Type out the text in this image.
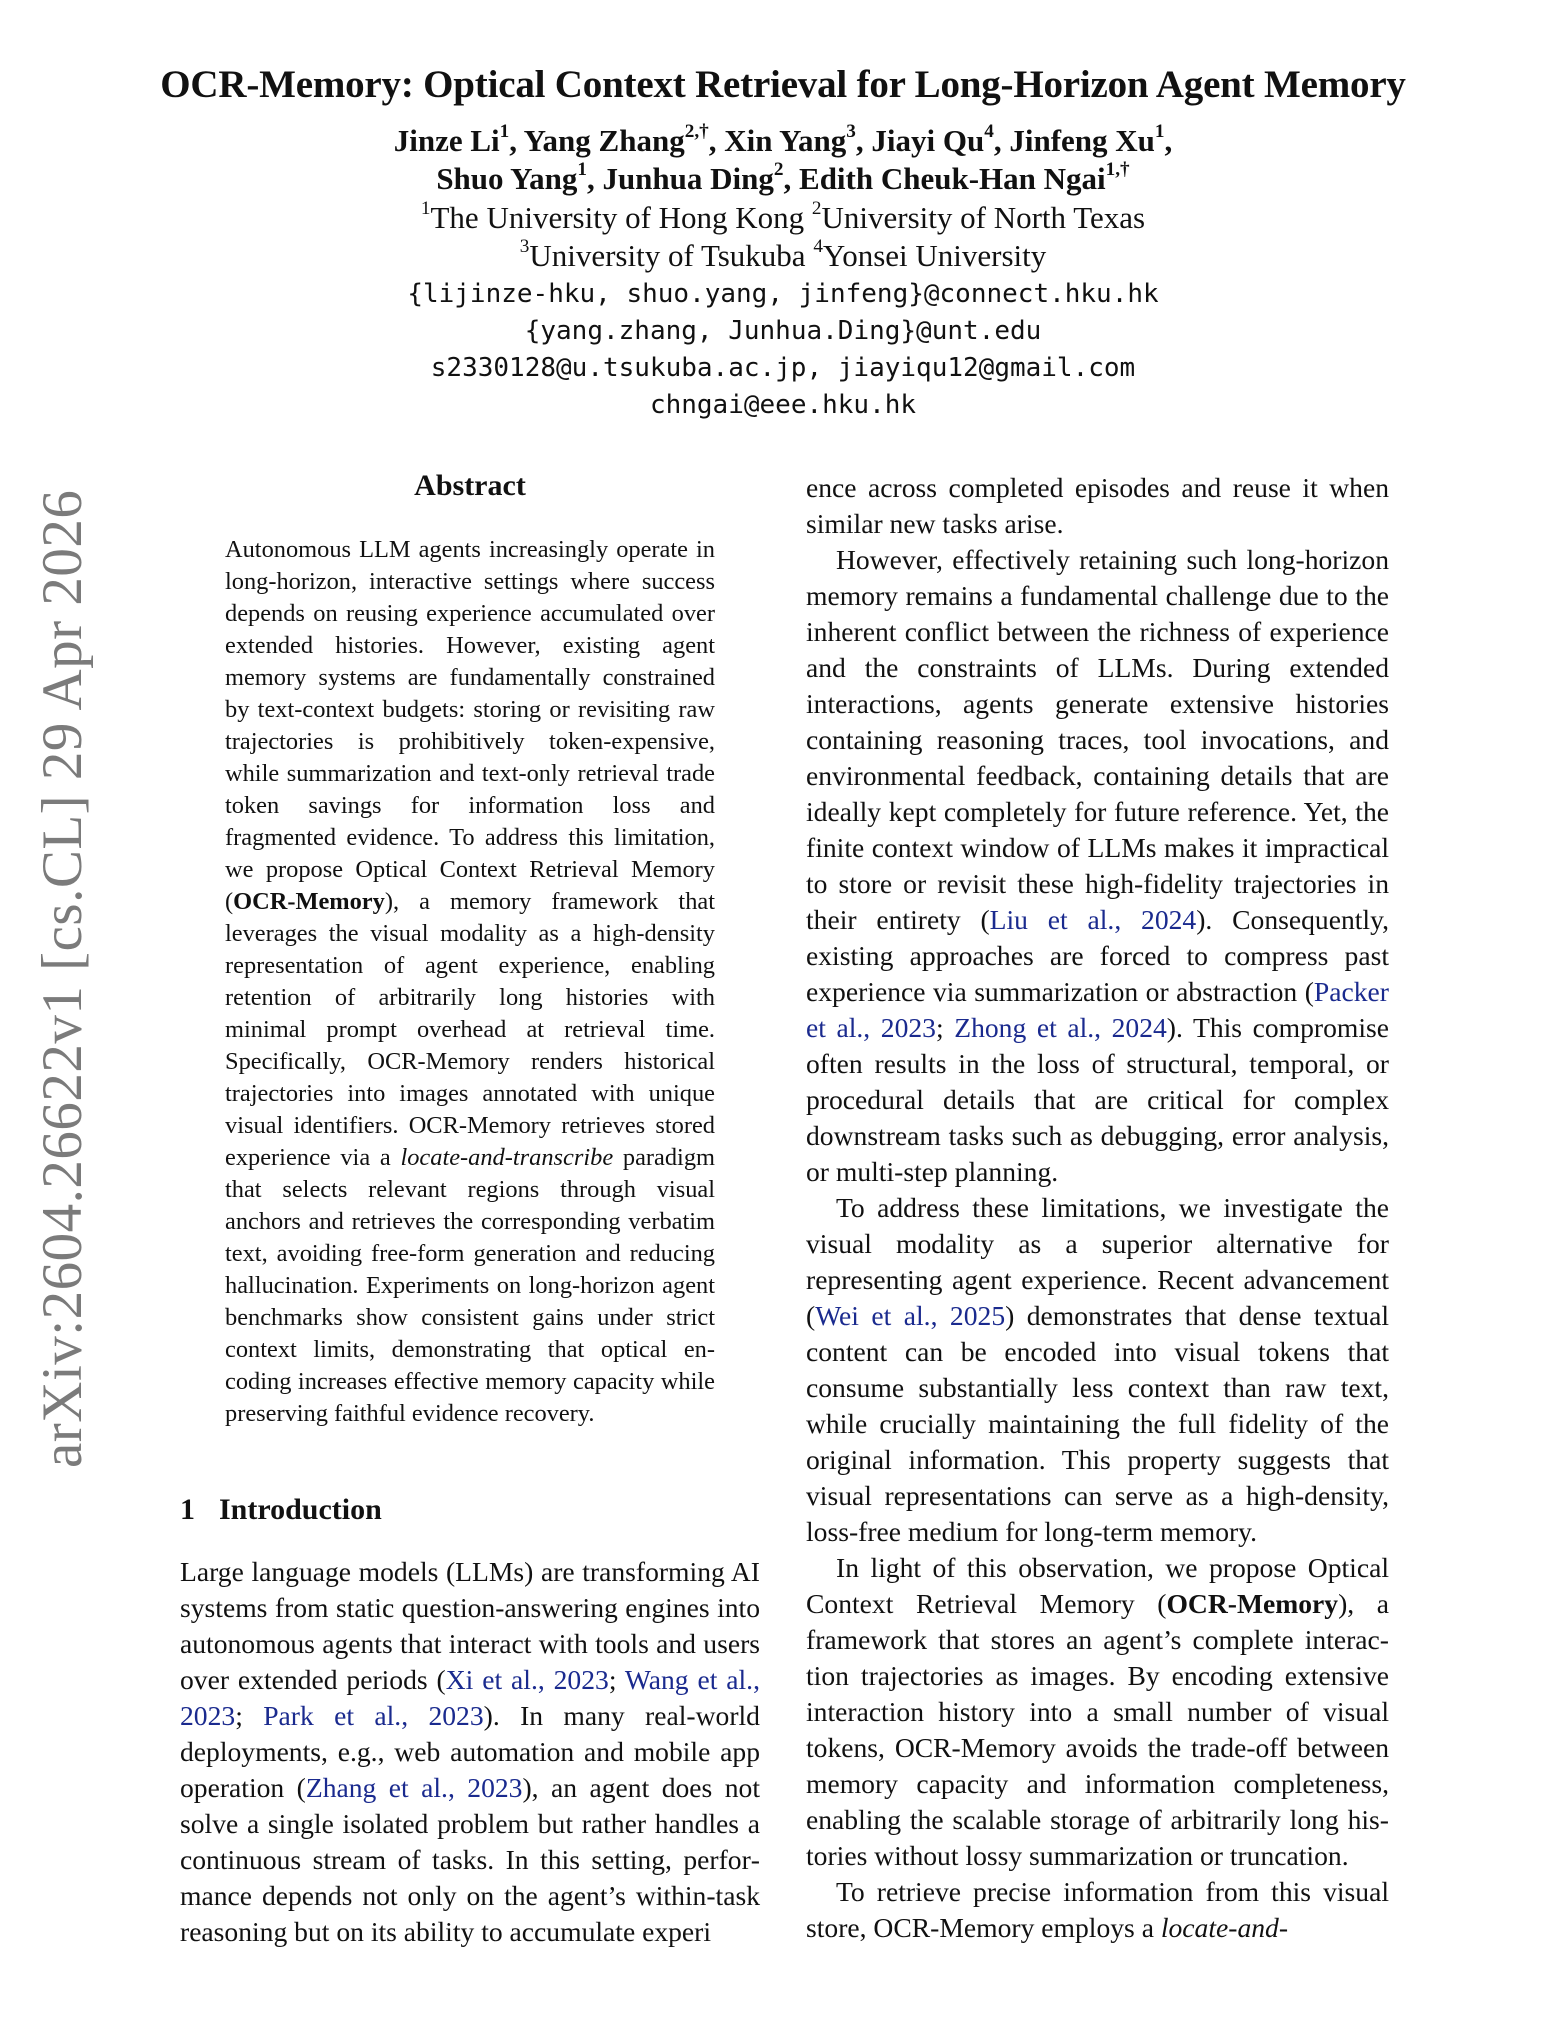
arXiv:2604.26622v1 [cs.CL] 29 Apr 2026
OCR-Memory: Optical Context Retrieval for Long-Horizon Agent Memory
Jinze Li$^1$, Yang Zhang$^{2,\dagger}$, Xin Yang$^3$, Jiayi Qu$^4$, Jinfeng Xu$^1$,
Shuo Yang$^1$, Junhua Ding$^2$, Edith Cheuk-Han Ngai$^{1,\dagger}$
$^1$The University of Hong Kong $^2$University of North Texas
$^3$University of Tsukuba $^4$Yonsei University
{lijinze-hku, shuo.yang, jinfeng}@connect.hku.hk
{yang.zhang, Junhua.Ding}@unt.edu
s2330128@u.tsukuba.ac.jp, jiayiqu12@gmail.com
chngai@eee.hku.hk
Abstract
Autonomous LLM agents increasingly operate in long-horizon, interactive settings where success depends on reusing experience accumulated over extended histories. However, existing agent memory systems are fundamentally constrained by text-context budgets: storing or revisiting raw trajectories is prohibitively token-expensive, while summarization and text-only retrieval trade token savings for information loss and fragmented evidence. To address this limitation, we propose Optical Context Retrieval Memory (OCR-Memory), a memory framework that leverages the visual modality as a high-density representation of agent experience, enabling retention of arbitrarily long histories with minimal prompt overhead at retrieval time. Specifically, OCR-Memory renders historical trajectories into images annotated with unique visual identifiers. OCR-Memory retrieves stored experience via a locate-and-transcribe paradigm that selects relevant regions through visual anchors and retrieves the corresponding verbatim text, avoiding free-form generation and reducing hallucination. Experiments on long-horizon agent benchmarks show consistent gains under strict context limits, demonstrating that optical encoding increases effective memory capacity while preserving faithful evidence recovery.
1 Introduction

Large language models (LLMs) are transforming AI systems from static question-answering engines into autonomous agents that interact with tools and users over extended periods (Xi et al., 2023; Wang et al., 2023; Park et al., 2023). In many real-world deployments, e.g., web automation and mobile app operation (Zhang et al., 2023), an agent does not solve a single isolated problem but rather handles a continuous stream of tasks. In this setting, performance depends not only on the agent’s within-task reasoning but on its ability to accumulate experi

ence across completed episodes and reuse it when similar new tasks arise.

However, effectively retaining such long-horizon memory remains a fundamental challenge due to the inherent conflict between the richness of experience and the constraints of LLMs. During extended interactions, agents generate extensive histories containing reasoning traces, tool invocations, and environmental feedback, containing details that are ideally kept completely for future reference. Yet, the finite context window of LLMs makes it impractical to store or revisit these high-fidelity trajectories in their entirety (Liu et al., 2024). Consequently, existing approaches are forced to compress past experience via summarization or abstraction (Packer et al., 2023; Zhong et al., 2024). This compromise often results in the loss of structural, temporal, or procedural details that are critical for complex downstream tasks such as debugging, error analysis, or multi-step planning.

To address these limitations, we investigate the visual modality as a superior alternative for representing agent experience. Recent advancement (Wei et al., 2025) demonstrates that dense textual content can be encoded into visual tokens that consume substantially less context than raw text, while crucially maintaining the full fidelity of the original information. This property suggests that visual representations can serve as a high-density, loss-free medium for long-term memory.

In light of this observation, we propose Optical Context Retrieval Memory (OCR-Memory), a framework that stores an agent’s complete interaction trajectories as images. By encoding extensive interaction history into a small number of visual tokens, OCR-Memory avoids the trade-off between memory capacity and information completeness, enabling the scalable storage of arbitrarily long histories without lossy summarization or truncation.

To retrieve precise information from this visual store, OCR-Memory employs a locate-and-
